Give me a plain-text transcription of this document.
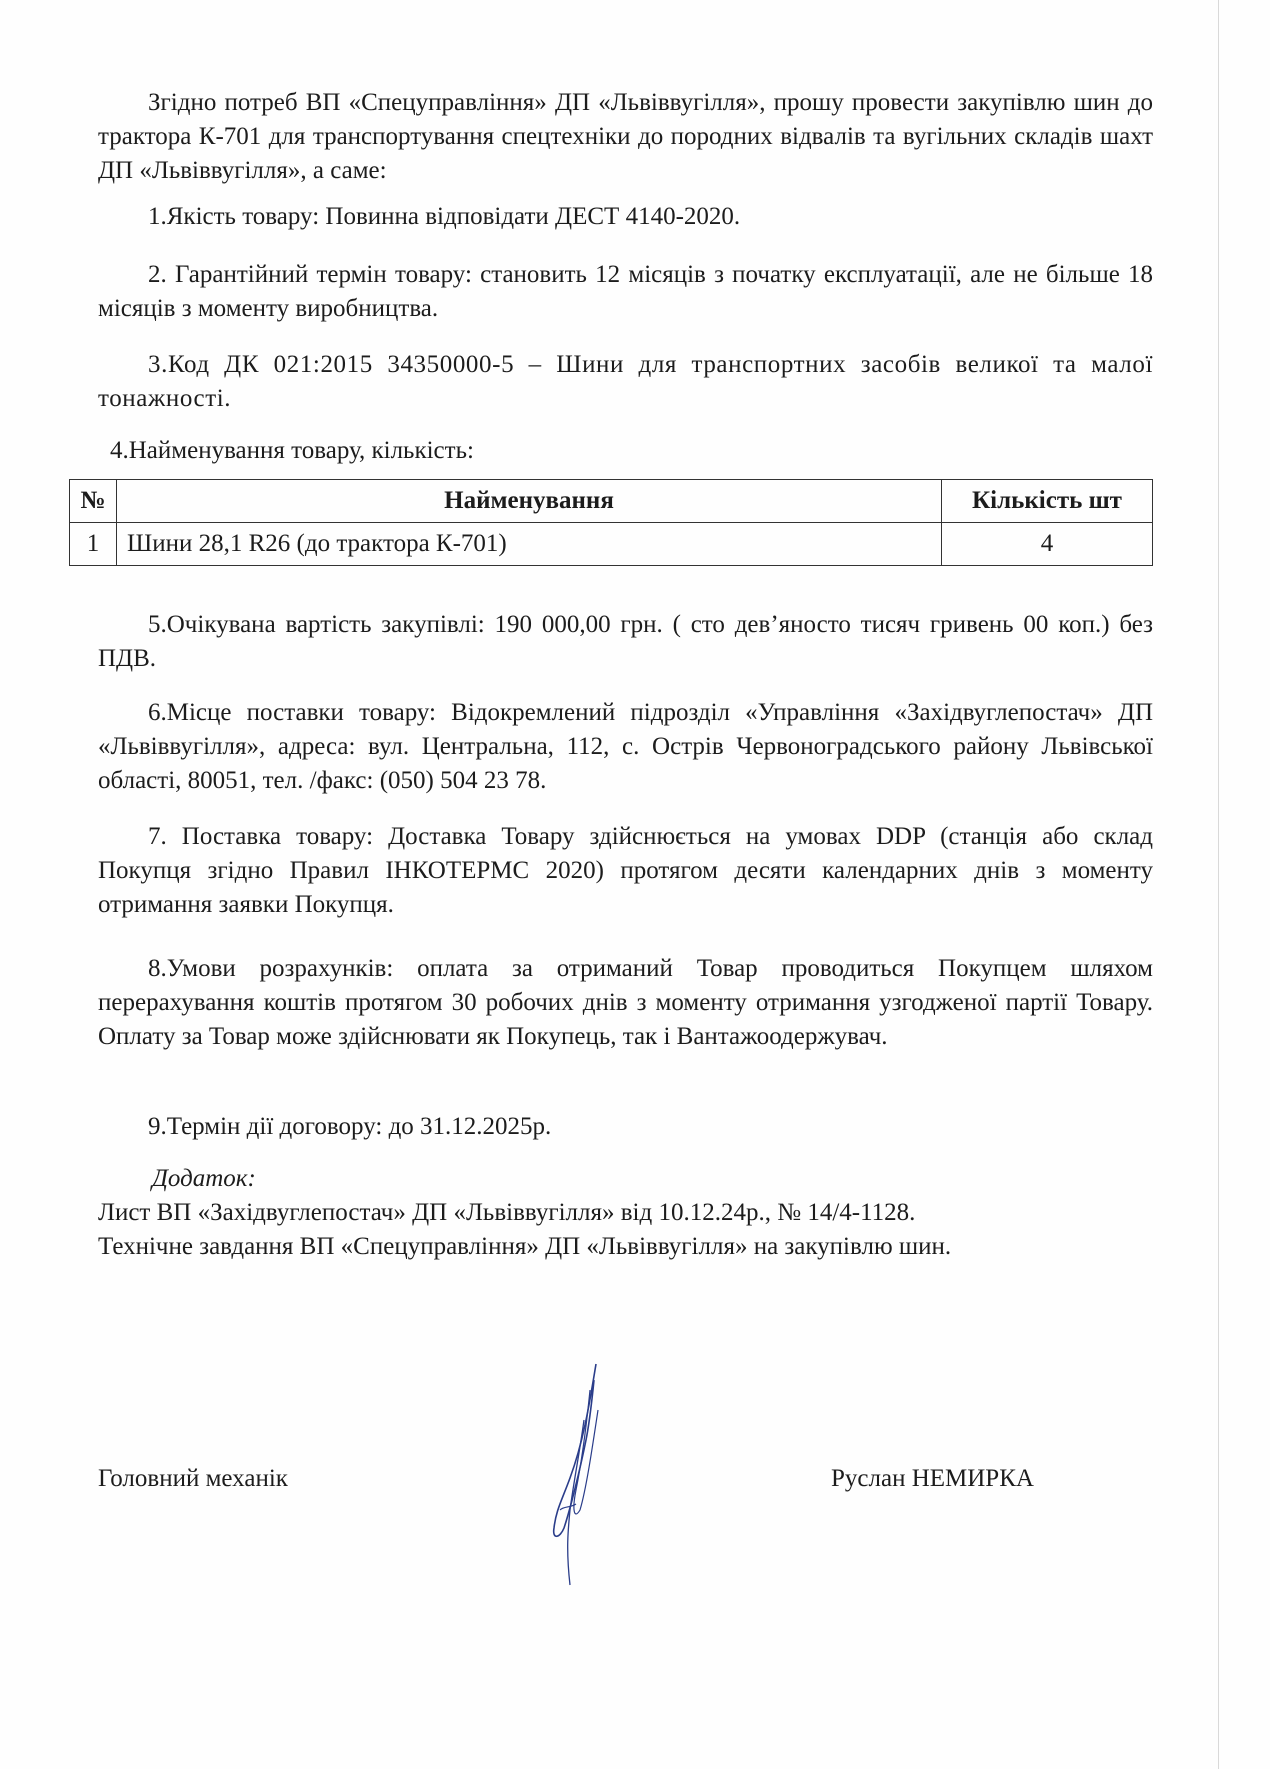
Згідно потреб ВП «Спецуправління» ДП «Львіввугілля», прошу провести закупівлю шин до трактора К-701 для транспортування спецтехніки до породних відвалів та вугільних складів шахт ДП «Львіввугілля», а саме:

1.Якість товару: Повинна відповідати ДЕСТ 4140-2020.

2. Гарантійний термін товару: становить 12 місяців з початку експлуатації, але не більше 18 місяців з моменту виробництва.

3.Код ДК 021:2015 34350000-5 – Шини для транспортних засобів великої та малої тонажності.

4.Найменування товару, кількість:

№	Найменування	Кількість шт
1	Шини 28,1 R26 (до трактора К-701)	4

5.Очікувана вартість закупівлі: 190 000,00 грн. ( сто дев’яносто тисяч гривень 00 коп.) без ПДВ.

6.Місце поставки товару: Відокремлений підрозділ «Управління «Західвуглепостач» ДП «Львіввугілля», адреса: вул. Центральна, 112, с. Острів Червоноградського району Львівської області, 80051, тел. /факс: (050) 504 23 78.

7. Поставка товару: Доставка Товару здійснюється на умовах DDP (станція або склад Покупця згідно Правил ІНКОТЕРМС 2020) протягом десяти календарних днів з моменту отримання заявки Покупця.

8.Умови розрахунків: оплата за отриманий Товар проводиться Покупцем шляхом перерахування коштів протягом 30 робочих днів з моменту отримання узгодженої партії Товару. Оплату за Товар може здійснювати як Покупець, так і Вантажоодержувач.

9.Термін дії договору: до 31.12.2025р.

Додаток:

Лист ВП «Західвуглепостач» ДП «Львіввугілля» від 10.12.24р., № 14/4-1128.

Технічне завдання ВП «Спецуправління» ДП «Львіввугілля» на закупівлю шин.

Головний механік	Руслан НЕМИРКА
